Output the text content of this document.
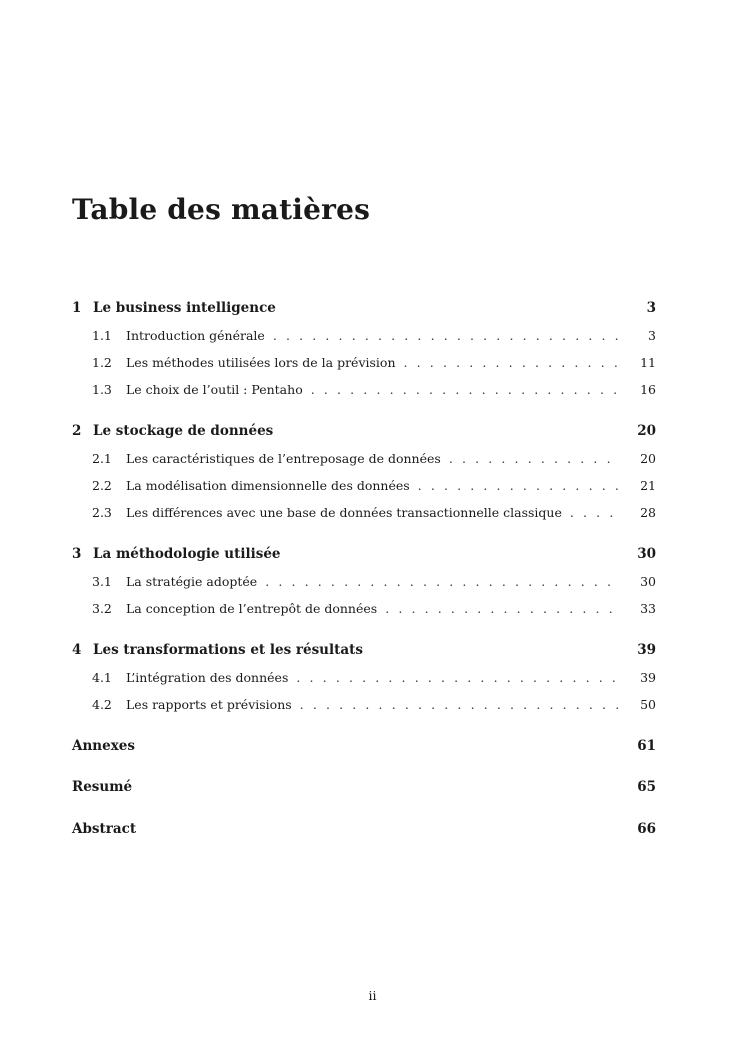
Table des matières
1 Le business intelligence	3
1.1	Introduction générale . . .	3
1.2	Les méthodes utilisées lors de la prévision . . .	11
1.3	Le choix de l’outil : Pentaho . . .	16
2 Le stockage de données	20
2.1	Les caractéristiques de l’entreposage de données . . .	20
2.2	La modélisation dimensionnelle des données . . .	21
2.3	Les différences avec une base de données transactionnelle classique . . .	28
3 La méthodologie utilisée	30
3.1	La stratégie adoptée . . .	30
3.2	La conception de l’entrepôt de données . . .	33
4 Les transformations et les résultats	39
4.1	L’intégration des données . . .	39
4.2	Les rapports et prévisions . . .	50
Annexes	61
Resumé	65
Abstract	66
ii
